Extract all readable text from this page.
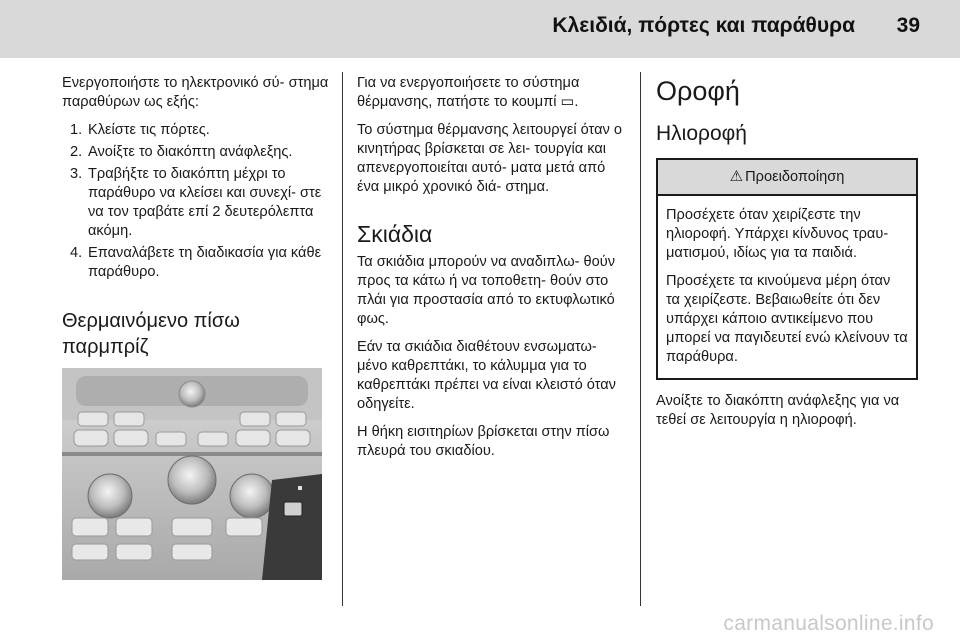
Κλειδιά, πόρτες και παράθυρα 39

Ενεργοποιήστε το ηλεκτρονικό σύ- στημα παραθύρων ως εξής:

1. Κλείστε τις πόρτες.
2. Ανοίξτε το διακόπτη ανάφλεξης.
3. Τραβήξτε το διακόπτη μέχρι το παράθυρο να κλείσει και συνεχί- στε να τον τραβάτε επί 2 δευτερόλεπτα ακόμη.
4. Επαναλάβετε τη διαδικασία για κάθε παράθυρο.
Θερμαινόμενο πίσω παρμπρίζ

Για να ενεργοποιήσετε το σύστημα θέρμανσης, πατήστε το κουμπί ▭.

Το σύστημα θέρμανσης λειτουργεί όταν ο κινητήρας βρίσκεται σε λει- τουργία και απενεργοποιείται αυτό- ματα μετά από ένα μικρό χρονικό διά- στημα.

Σκιάδια

Τα σκιάδια μπορούν να αναδιπλω- θούν προς τα κάτω ή να τοποθετη- θούν στο πλάι για προστασία από το εκτυφλωτικό φως.

Εάν τα σκιάδια διαθέτουν ενσωματω- μένο καθρεπτάκι, το κάλυμμα για το καθρεπτάκι πρέπει να είναι κλειστό όταν οδηγείτε.

Η θήκη εισιτηρίων βρίσκεται στην πίσω πλευρά του σκιαδίου.

Οροφή
Ηλιοροφή
⚠ Προειδοποίηση

Προσέχετε όταν χειρίζεστε την ηλιοροφή. Υπάρχει κίνδυνος τραυ- ματισμού, ιδίως για τα παιδιά.

Προσέχετε τα κινούμενα μέρη όταν τα χειρίζεστε. Βεβαιωθείτε ότι δεν υπάρχει κάποιο αντικείμενο που μπορεί να παγιδευτεί ενώ κλείνουν τα παράθυρα.

Ανοίξτε το διακόπτη ανάφλεξης για να τεθεί σε λειτουργία η ηλιοροφή.

carmanualsonline.info
